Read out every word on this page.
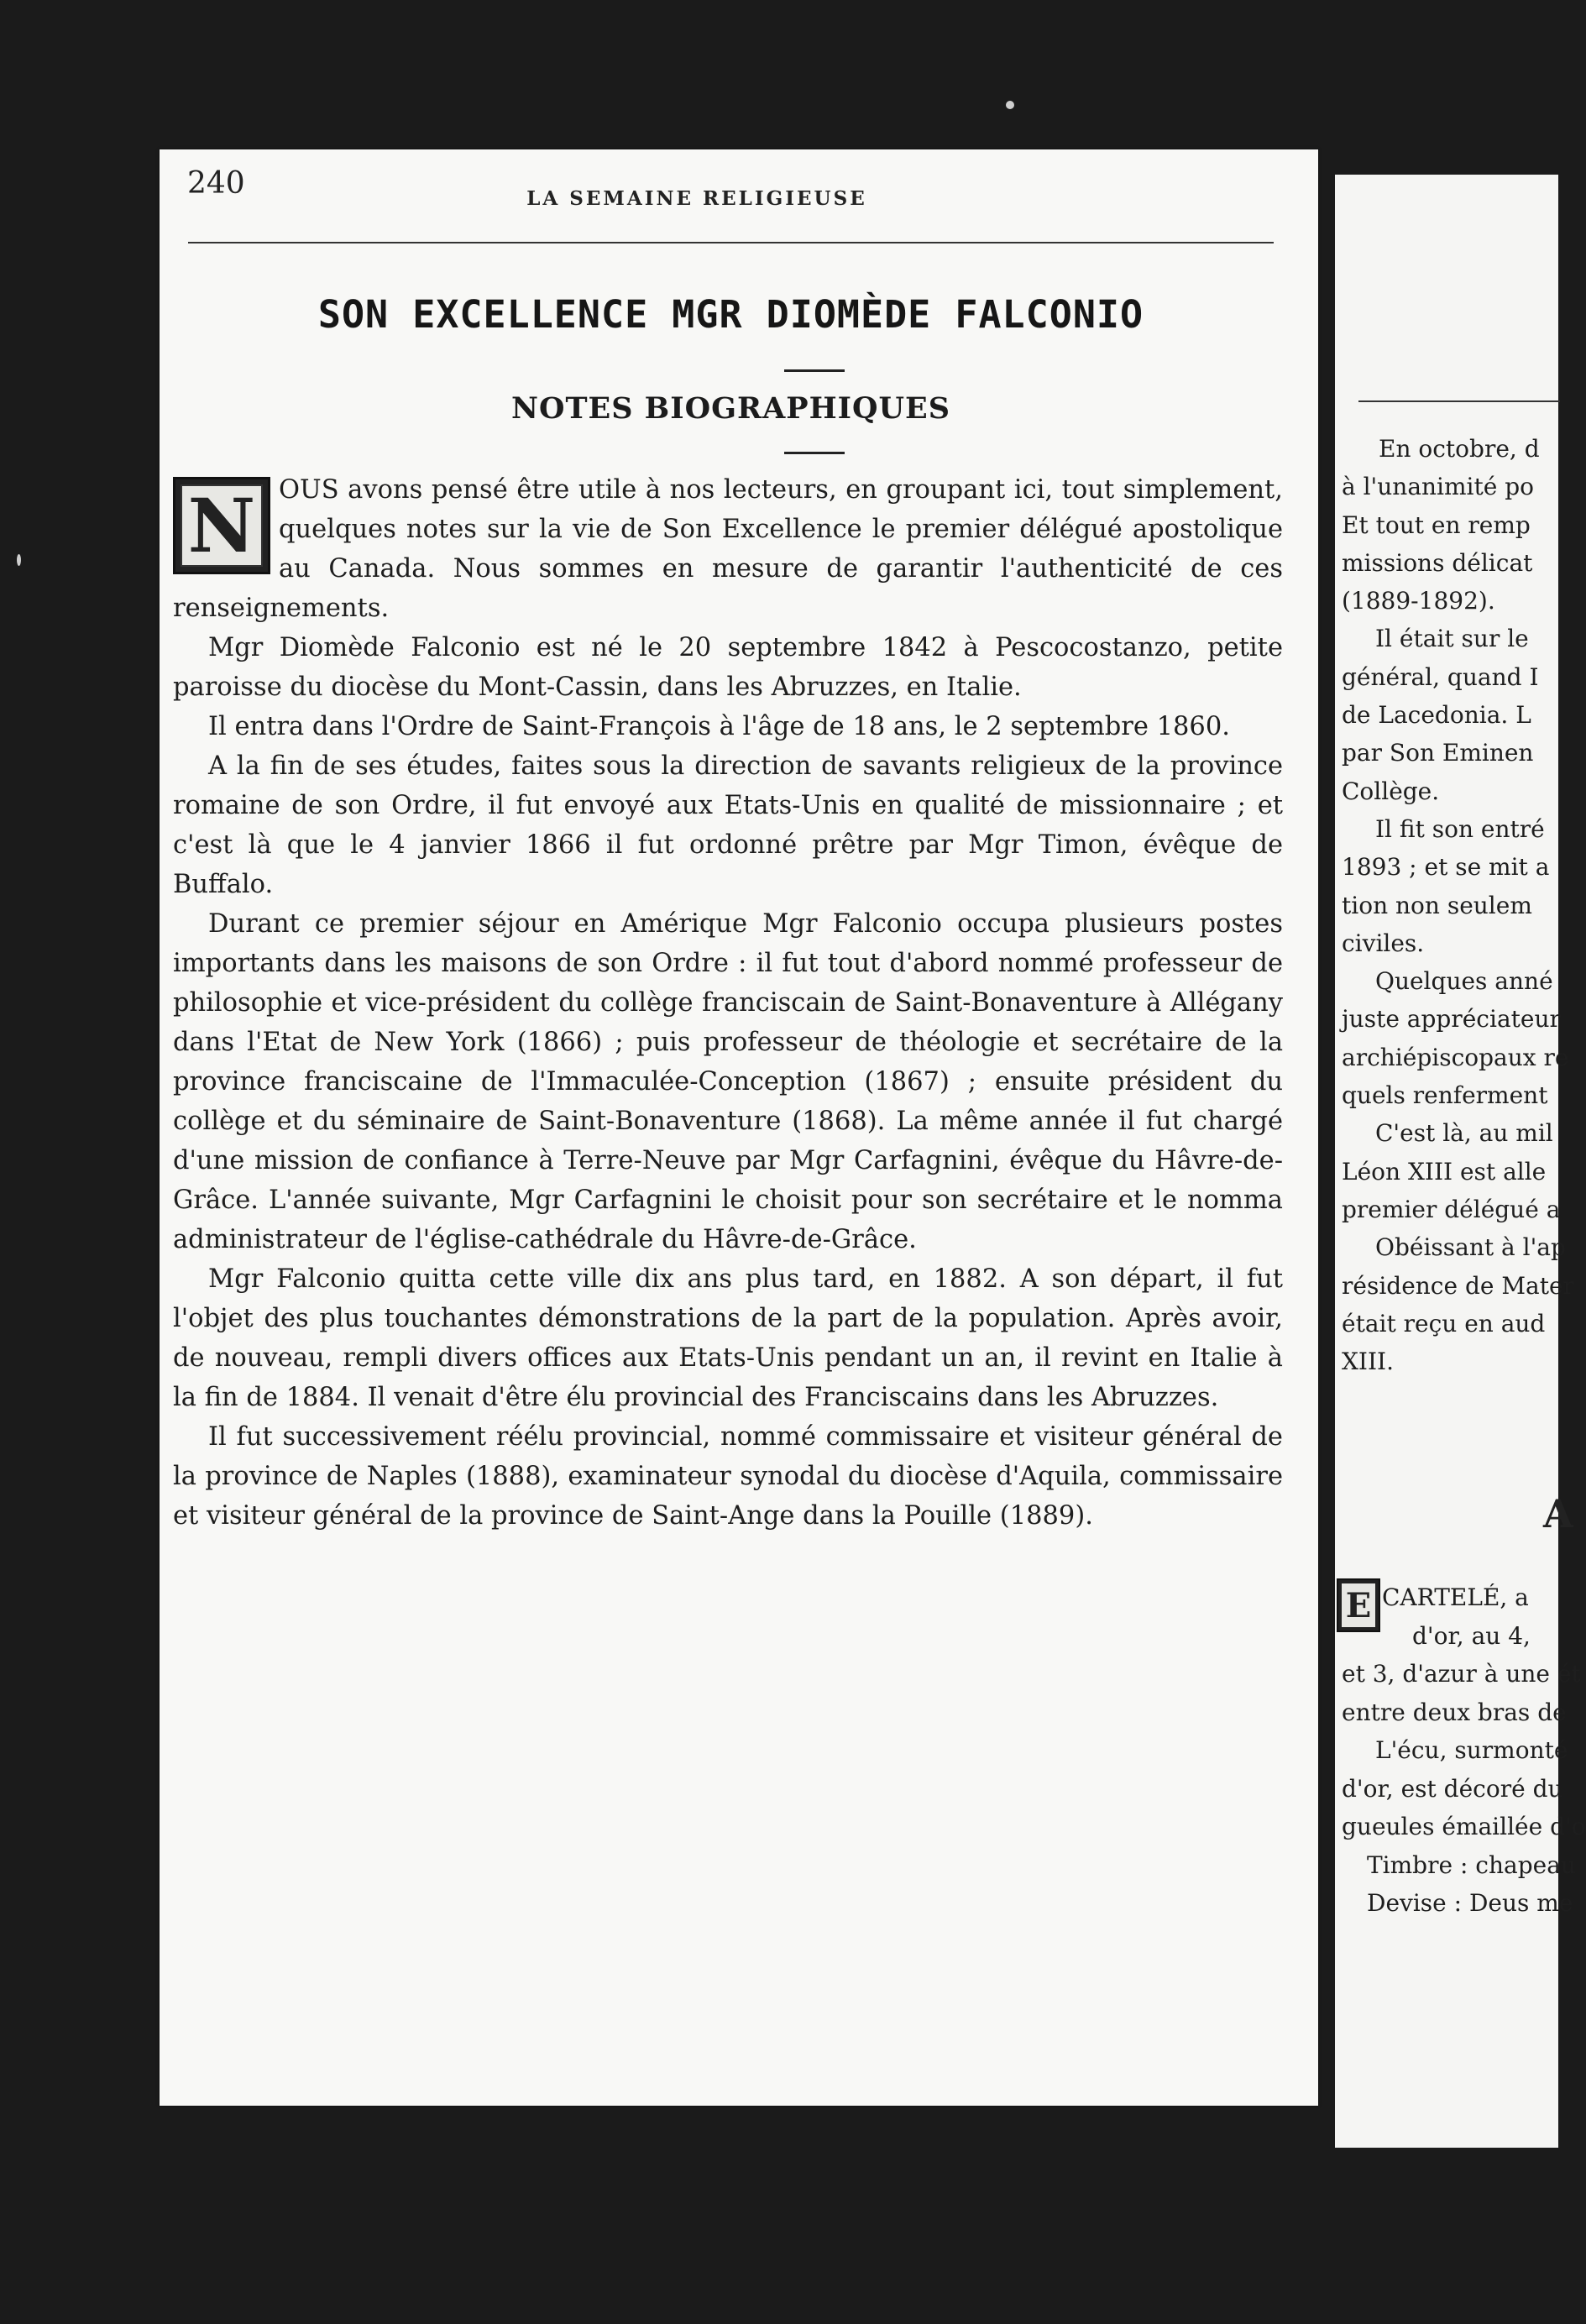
240	LA SEMAINE RELIGIEUSE
SON EXCELLENCE MGR DIOMÈDE FALCONIO
NOTES BIOGRAPHIQUES
N OUS avons pensé être utile à nos lecteurs, en groupant ici, tout simplement, quelques notes sur la vie de Son Excellence le premier délégué apostolique au Canada. Nous sommes en mesure de garantir l'authenticité de ces renseignements.

Mgr Diomède Falconio est né le 20 septembre 1842 à Pescocostanzo, petite paroisse du diocèse du Mont-Cassin, dans les Abruzzes, en Italie.

Il entra dans l'Ordre de Saint-François à l'âge de 18 ans, le 2 septembre 1860.

A la fin de ses études, faites sous la direction de savants religieux de la province romaine de son Ordre, il fut envoyé aux Etats-Unis en qualité de missionnaire ; et c'est là que le 4 janvier 1866 il fut ordonné prêtre par Mgr Timon, évêque de Buffalo.

Durant ce premier séjour en Amérique Mgr Falconio occupa plusieurs postes importants dans les maisons de son Ordre : il fut tout d'abord nommé professeur de philosophie et vice-président du collège franciscain de Saint-Bonaventure à Allégany dans l'Etat de New York (1866) ; puis professeur de théologie et secrétaire de la province franciscaine de l'Immaculée-Conception (1867) ; ensuite président du collège et du séminaire de Saint-Bonaventure (1868). La même année il fut chargé d'une mission de confiance à Terre-Neuve par Mgr Carfagnini, évêque du Hâvre-de-Grâce. L'année suivante, Mgr Carfagnini le choisit pour son secrétaire et le nomma administrateur de l'église-cathédrale du Hâvre-de-Grâce.

Mgr Falconio quitta cette ville dix ans plus tard, en 1882. A son départ, il fut l'objet des plus touchantes démonstrations de la part de la population. Après avoir, de nouveau, rempli divers offices aux Etats-Unis pendant un an, il revint en Italie à la fin de 1884. Il venait d'être élu provincial des Franciscains dans les Abruzzes.

Il fut successivement réélu provincial, nommé commissaire et visiteur général de la province de Naples (1888), examinateur synodal du diocèse d'Aquila, commissaire et visiteur général de la province de Saint-Ange dans la Pouille (1889).

En octobre, d
à l'unanimité po
Et tout en remp
missions délicat
(1889-1892).
Il était sur le
général, quand I
de Lacedonia. L
par Son Eminen
Collège.
Il fit son entré
1893 ; et se mit a
tion non seulem
civiles.
Quelques anné
juste appréciateur
archiépiscopaux re
quels renferment
C'est là, au mil
Léon XIII est alle
premier délégué a
Obéissant à l'ap
résidence de Mater
était reçu en aud
XIII.
A
E CARTELÉ, a
d'or, au 4,
et 3, d'azur à une ét
entre deux bras de
L'écu, surmonté
d'or, est décoré du
gueules émaillée d'o
Timbre : chapeau
Devise : Deus me
